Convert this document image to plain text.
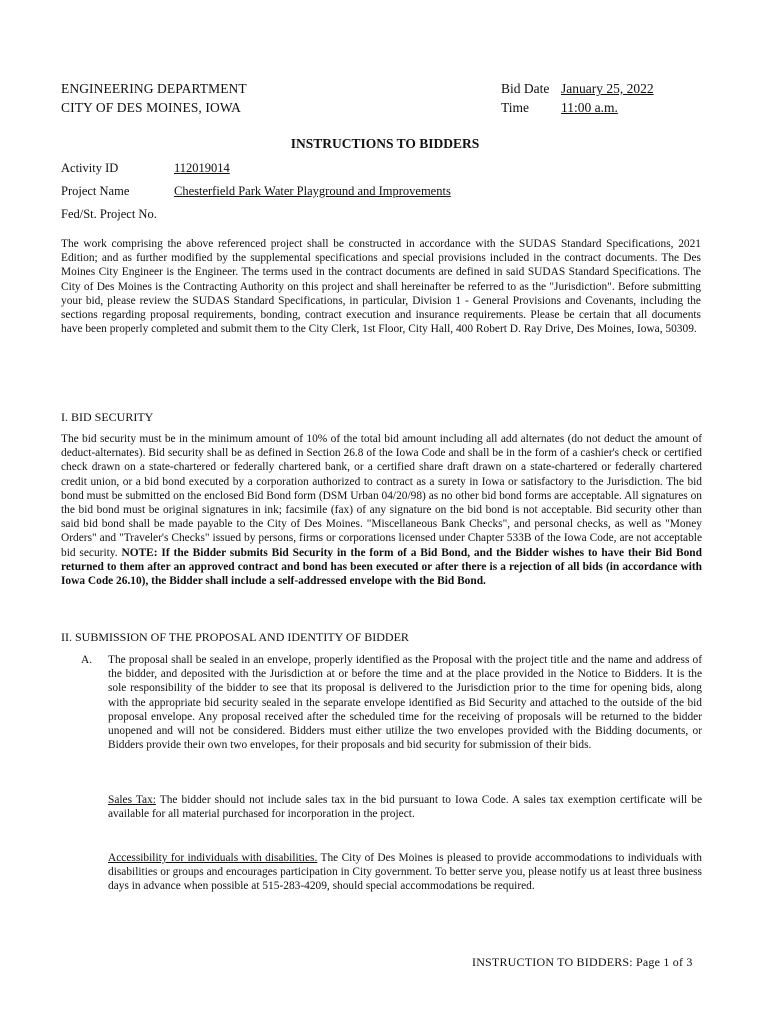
ENGINEERING DEPARTMENT
CITY OF DES MOINES, IOWA
Bid Date January 25, 2022
Time 11:00 a.m.
INSTRUCTIONS TO BIDDERS
Activity ID	112019014
Project Name	Chesterfield Park Water Playground and Improvements
Fed/St. Project No.

The work comprising the above referenced project shall be constructed in accordance with the SUDAS Standard Specifications, 2021 Edition; and as further modified by the supplemental specifications and special provisions included in the contract documents. The Des Moines City Engineer is the Engineer. The terms used in the contract documents are defined in said SUDAS Standard Specifications. The City of Des Moines is the Contracting Authority on this project and shall hereinafter be referred to as the "Jurisdiction". Before submitting your bid, please review the SUDAS Standard Specifications, in particular, Division 1 - General Provisions and Covenants, including the sections regarding proposal requirements, bonding, contract execution and insurance requirements. Please be certain that all documents have been properly completed and submit them to the City Clerk, 1st Floor, City Hall, 400 Robert D. Ray Drive, Des Moines, Iowa, 50309.

I. BID SECURITY

The bid security must be in the minimum amount of 10% of the total bid amount including all add alternates (do not deduct the amount of deduct-alternates). Bid security shall be as defined in Section 26.8 of the Iowa Code and shall be in the form of a cashier's check or certified check drawn on a state-chartered or federally chartered bank, or a certified share draft drawn on a state-chartered or federally chartered credit union, or a bid bond executed by a corporation authorized to contract as a surety in Iowa or satisfactory to the Jurisdiction. The bid bond must be submitted on the enclosed Bid Bond form (DSM Urban 04/20/98) as no other bid bond forms are acceptable. All signatures on the bid bond must be original signatures in ink; facsimile (fax) of any signature on the bid bond is not acceptable. Bid security other than said bid bond shall be made payable to the City of Des Moines. "Miscellaneous Bank Checks", and personal checks, as well as "Money Orders" and "Traveler's Checks" issued by persons, firms or corporations licensed under Chapter 533B of the Iowa Code, are not acceptable bid security. NOTE: If the Bidder submits Bid Security in the form of a Bid Bond, and the Bidder wishes to have their Bid Bond returned to them after an approved contract and bond has been executed or after there is a rejection of all bids (in accordance with Iowa Code 26.10), the Bidder shall include a self-addressed envelope with the Bid Bond.

II. SUBMISSION OF THE PROPOSAL AND IDENTITY OF BIDDER
A. The proposal shall be sealed in an envelope, properly identified as the Proposal with the project title and the name and address of the bidder, and deposited with the Jurisdiction at or before the time and at the place provided in the Notice to Bidders. It is the sole responsibility of the bidder to see that its proposal is delivered to the Jurisdiction prior to the time for opening bids, along with the appropriate bid security sealed in the separate envelope identified as Bid Security and attached to the outside of the bid proposal envelope. Any proposal received after the scheduled time for the receiving of proposals will be returned to the bidder unopened and will not be considered. Bidders must either utilize the two envelopes provided with the Bidding documents, or Bidders provide their own two envelopes, for their proposals and bid security for submission of their bids.

Sales Tax: The bidder should not include sales tax in the bid pursuant to Iowa Code. A sales tax exemption certificate will be available for all material purchased for incorporation in the project.

Accessibility for individuals with disabilities. The City of Des Moines is pleased to provide accommodations to individuals with disabilities or groups and encourages participation in City government. To better serve you, please notify us at least three business days in advance when possible at 515-283-4209, should special accommodations be required.

INSTRUCTION TO BIDDERS: Page 1 of 3
